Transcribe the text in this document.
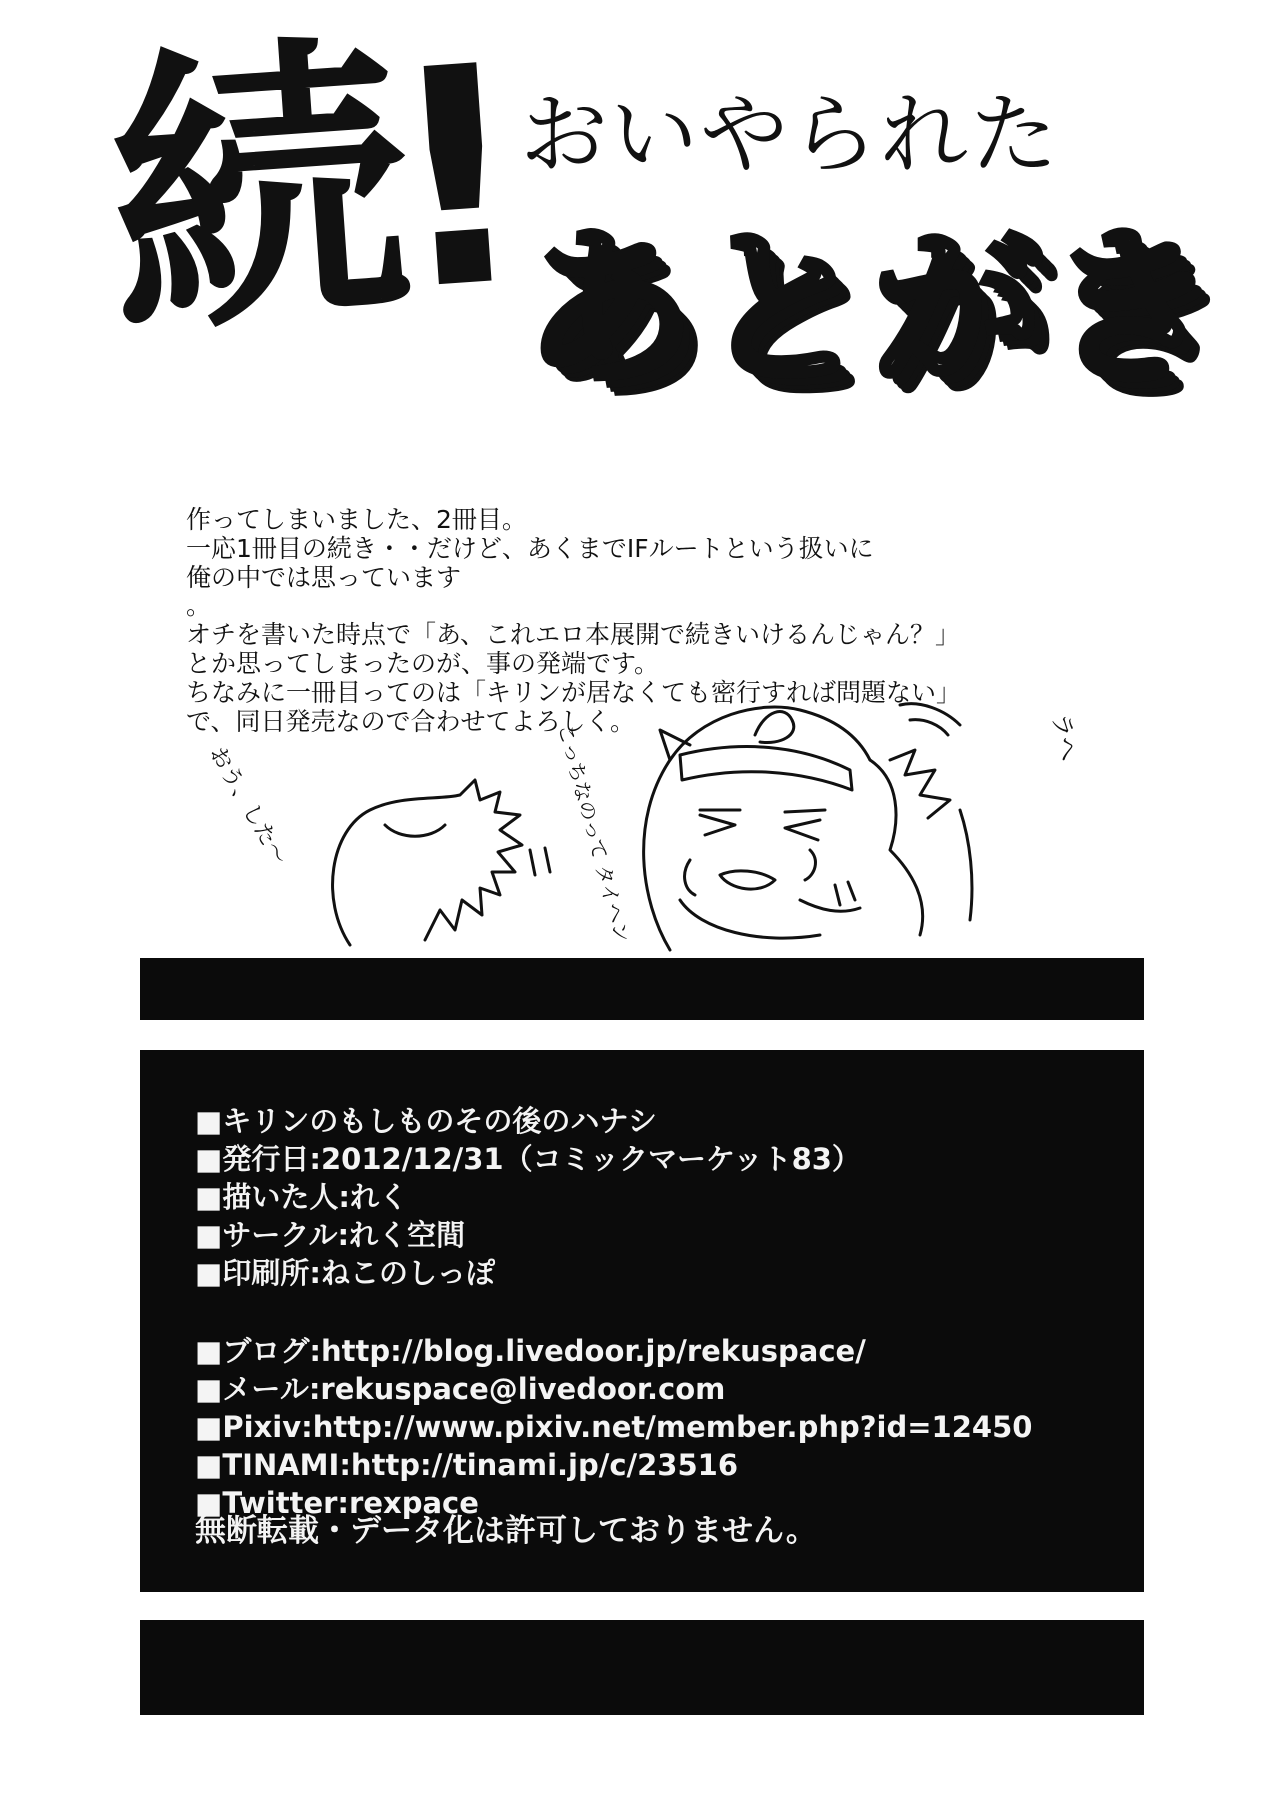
続! おいやられた
あとがき
作ってしまいました、2冊目。
一応1冊目の続き・・だけど、あくまでIFルートという扱いに
俺の中では思っています
。
オチを書いた時点で「あ、これエロ本展開で続きいけるんじゃん？」
とか思ってしまったのが、事の発端です。
ちなみに一冊目ってのは「キリンが居なくても密行すれば問題ない」
で、同日発売なので合わせてよろしく。
おう、した～	こっちなのって タイヘン	ラへ
■キリンのもしものその後のハナシ
■発行日:2012/12/31（コミックマーケット83）
■描いた人:れく
■サークル:れく空間
■印刷所:ねこのしっぽ
■ブログ:http://blog.livedoor.jp/rekuspace/
■メール:rekuspace@livedoor.com
■Pixiv:http://www.pixiv.net/member.php?id=12450
■TINAMI:http://tinami.jp/c/23516
■Twitter:rexpace
無断転載・データ化は許可しておりません。
